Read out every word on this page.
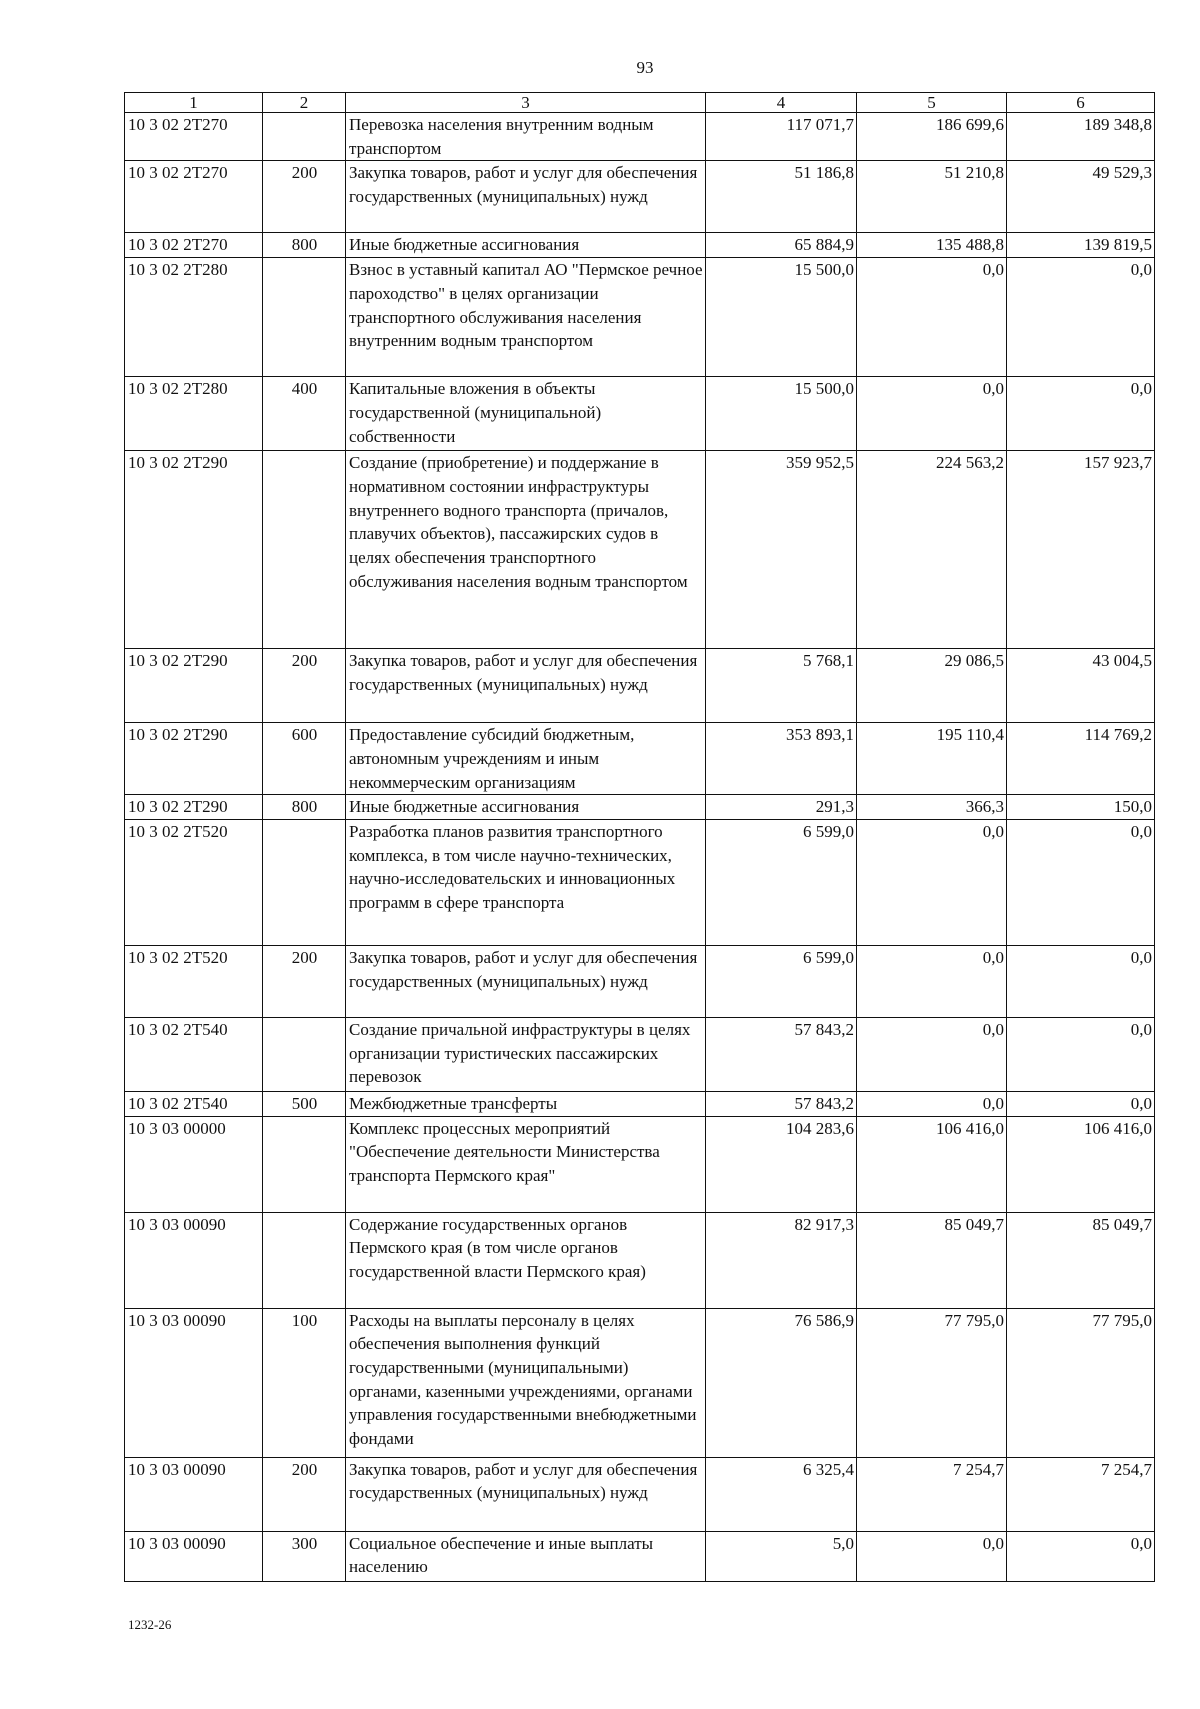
93
1	2	3	4	5	6
10 3 02 2Т270		Перевозка населения внутренним водным транспортом	117 071,7	186 699,6	189 348,8
10 3 02 2Т270	200	Закупка товаров, работ и услуг для обеспечения государственных (муниципальных) нужд	51 186,8	51 210,8	49 529,3
10 3 02 2Т270	800	Иные бюджетные ассигнования	65 884,9	135 488,8	139 819,5
10 3 02 2Т280		Взнос в уставный капитал АО "Пермское речное пароходство" в целях организации транспортного обслуживания населения внутренним водным транспортом	15 500,0	0,0	0,0
10 3 02 2Т280	400	Капитальные вложения в объекты государственной (муниципальной) собственности	15 500,0	0,0	0,0
10 3 02 2Т290		Создание (приобретение) и поддержание в нормативном состоянии инфраструктуры внутреннего водного транспорта (причалов, плавучих объектов), пассажирских судов в целях обеспечения транспортного обслуживания населения водным транспортом	359 952,5	224 563,2	157 923,7
10 3 02 2Т290	200	Закупка товаров, работ и услуг для обеспечения государственных (муниципальных) нужд	5 768,1	29 086,5	43 004,5
10 3 02 2Т290	600	Предоставление субсидий бюджетным, автономным учреждениям и иным некоммерческим организациям	353 893,1	195 110,4	114 769,2
10 3 02 2Т290	800	Иные бюджетные ассигнования	291,3	366,3	150,0
10 3 02 2Т520		Разработка планов развития транспортного комплекса, в том числе научно-технических, научно-исследовательских и инновационных программ в сфере транспорта	6 599,0	0,0	0,0
10 3 02 2Т520	200	Закупка товаров, работ и услуг для обеспечения государственных (муниципальных) нужд	6 599,0	0,0	0,0
10 3 02 2Т540		Создание причальной инфраструктуры в целях организации туристических пассажирских перевозок	57 843,2	0,0	0,0
10 3 02 2Т540	500	Межбюджетные трансферты	57 843,2	0,0	0,0
10 3 03 00000		Комплекс процессных мероприятий "Обеспечение деятельности Министерства транспорта Пермского края"	104 283,6	106 416,0	106 416,0
10 3 03 00090		Содержание государственных органов Пермского края (в том числе органов государственной власти Пермского края)	82 917,3	85 049,7	85 049,7
10 3 03 00090	100	Расходы на выплаты персоналу в целях обеспечения выполнения функций государственными (муниципальными) органами, казенными учреждениями, органами управления государственными внебюджетными фондами	76 586,9	77 795,0	77 795,0
10 3 03 00090	200	Закупка товаров, работ и услуг для обеспечения государственных (муниципальных) нужд	6 325,4	7 254,7	7 254,7
10 3 03 00090	300	Социальное обеспечение и иные выплаты населению	5,0	0,0	0,0
1232-26
